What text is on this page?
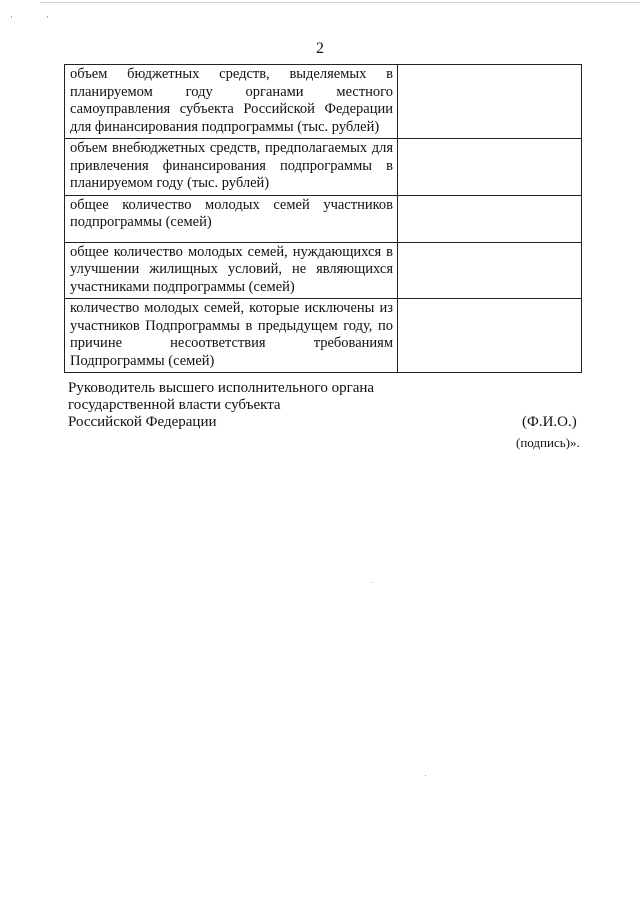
·	·
2
объем бюджетных средств, выделяемых в планируемом году органами местного самоуправления субъекта Российской Федерации для финансирования подпрограммы (тыс. рублей)	

объем внебюджетных средств, предполагаемых для привлечения финансирования подпрограммы в планируемом году (тыс. рублей)	

общее количество молодых семей участников подпрограммы (семей)	

общее количество молодых семей, нуждающихся в улучшении жилищных условий, не являющихся участниками подпрограммы (семей)	

количество молодых семей, которые исключены из участников Подпрограммы в предыдущем году, по причине несоответствия требованиям Подпрограммы (семей)	

Руководитель высшего исполнительного органа
государственной власти субъекта
Российской Федерации	(Ф.И.О.)
(подпись)».
